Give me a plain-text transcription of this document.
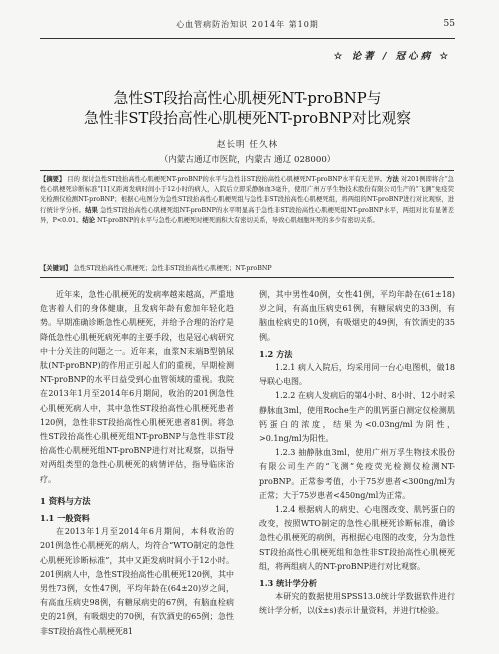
心血管病防治知识 2014年 第10期	55
☆ 论著 / 冠心病 ☆
急性ST段抬高性心肌梗死NT-proBNP与
急性非ST段抬高性心肌梗死NT-proBNP对比观察
赵长明 任久林
（内蒙古通辽市医院，内蒙古 通辽 028000）

【摘要】 目的 探讨急性ST段抬高性心肌梗死NT-proBNP的水平与急性非ST段抬高性心肌梗死NT-proBNP水平有无差异。方法 对201例即将合“急性心肌梗死诊断标准”[1]又距离发病时间小于12小时的病人，入院后立即采静脉血3毫升，使用广州万孚生物技术股份有限公司生产的“飞测”免疫荧光检测仪检测NT-proBNP；根据心电图分为急性ST段抬高性心肌梗死组与急性非ST段抬高性心肌梗死组，将两组的NT-proBNP进行对比观察，进行统计学分析。结果 急性ST段抬高性心肌梗死组NT-proBNP的水平明显高于急性非ST段抬高性心肌梗死组NT-proBNP水平，两组对比有显著差异，P<0.01。结论 NT-proBNP的水平与急性心肌梗死时梗死面积大有密切关系，导致心肌细胞坏死的多少有密切关系。

【关键词】 急性ST段抬高性心肌梗死；急性非ST段抬高性心肌梗死；NT-proBNP

近年来，急性心肌梗死的发病率越来越高，严重地危害着人们的身体健康，且发病年龄有愈加年轻化趋势。早期准确诊断急性心肌梗死，并给予合理的治疗是降低急性心肌梗死病死率的主要手段，也是冠心病研究中十分关注的问题之一。近年来，血浆N末端B型钠尿肽(NT-proBNP)的作用正引起人们的重视，早期检测NT-proBNP的水平日益受到心血管领域的重视。我院在2013年1月至2014年6月期间，收治的201例急性心肌梗死病人中，其中急性ST段抬高性心肌梗死患者120例，急性非ST段抬高性心肌梗死患者81例。将急性ST段抬高性心肌梗死组NT-proBNP与急性非ST段抬高性心肌梗死组NT-proBNP进行对比观察，以指导对两组类型的急性心肌梗死的病情评估，指导临床治疗。

1 资料与方法
1.1 一般资料

在2013年1月至2014年6月期间，本科收治的201例急性心肌梗死的病人，均符合“WTO制定的急性心肌梗死诊断标准”，其中又距发病时间小于12小时。201例病人中，急性ST段抬高性心肌梗死120例，其中男性73例，女性47例，平均年龄在(64±20)岁之间，有高血压病史98例，有糖尿病史的67例，有脑血栓病史的21例，有吸烟史的70例，有饮酒史的65例；急性非ST段抬高性心肌梗死81

例，其中男性40例，女性41例，平均年龄在(61±18)岁之间，有高血压病史61例，有糖尿病史的33例，有脑血栓病史的10例，有吸烟史的49例，有饮酒史的35例。

1.2 方法

1.2.1 病人入院后，均采用同一台心电图机，做18导联心电图。

1.2.2 在病人发病后的第4小时、8小时、12小时采静脉血3ml，使用Roche生产的肌钙蛋白测定仪检测肌钙蛋白的浓度，结果为<0.03ng/ml为阴性，>0.1ng/ml为阳性。

1.2.3 抽静脉血3ml，使用广州万孚生物技术股份有限公司生产的“飞测”免疫荧光检测仪检测NT-proBNP。正常参考值，小于75岁患者<300ng/ml为正常；大于75岁患者<450ng/ml为正常。

1.2.4 根据病人的病史、心电图改变、肌钙蛋白的改变，按照WTO制定的急性心肌梗死诊断标准，确诊急性心肌梗死的病例，再根据心电图的改变，分为急性ST段抬高性心肌梗死组和急性非ST段抬高性心肌梗死组，将两组病人的NT-proBNP进行对比观察。

1.3 统计学分析

本研究的数据使用SPSS13.0统计学数据软件进行统计学分析，以(x̄±s)表示计量资料，并进行t检验。
